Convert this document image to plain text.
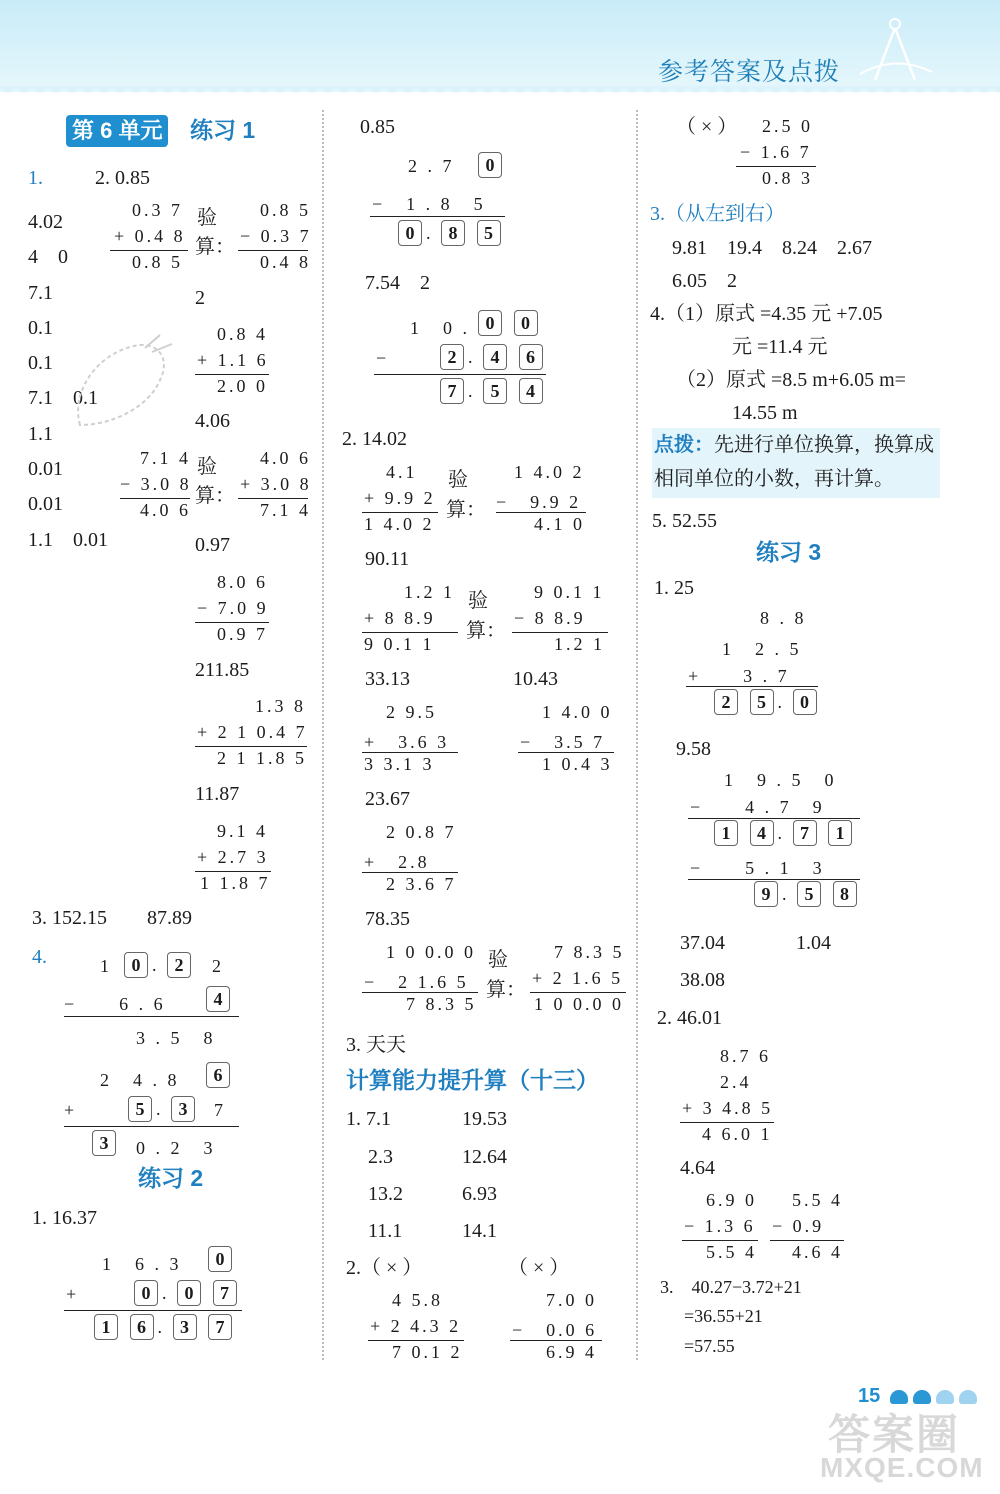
参考答案及点拨
第 6 单元 练习 1
1.	2. 0.85
4.02
4　0
7.1
0.1
0.1
7.1　0.1
1.1
0.01
0.01
1.1　0.01
0.3 7
+ 0.4 8
0.8 5
验
算：
0.8 5
− 0.3 7
0.4 8
2
0.8 4
+ 1.1 6
2.0 0
4.06
7.1 4
− 3.0 8
4.0 6
验
算：
4.0 6
+ 3.0 8
7.1 4
0.97
8.0 6
− 7.0 9
0.9 7
211.85
1.3 8
+ 2 1 0.4 7
2 1 1.8 5
11.87
9.1 4
+ 2.7 3
1 1.8 7
3. 152.15　　87.89
4.	1	0 . 2	2
−　　6 . 6	4
3 . 5　8
2　4 . 8	6
+	5 . 3	7
3	0 . 2　3
练习 2
1. 16.37
1　6 . 3	0
+	0 . 0 7
1 6 . 3 7
0.85
2 . 7	0
−　1 . 8　5
0 . 8 5
7.54　2
1　0 . 0 0
−	2 . 4 6
7 . 5 4
2. 14.02
4.1
+ 9.9 2
1 4.0 2
验
算：
1 4.0 2
−　9.9 2
4.1 0
90.11
1.2 1
+ 8 8.9
9 0.1 1
验
算：
9 0.1 1
− 8 8.9
1.2 1
33.13	10.43
2 9.5
+　3.6 3
3 3.1 3
1 4.0 0
−　3.5 7
1 0.4 3
23.67
2 0.8 7
+　2.8
2 3.6 7
78.35
1 0 0.0 0
−　2 1.6 5
7 8.3 5
验
算：
7 8.3 5
+ 2 1.6 5
1 0 0.0 0
3. 天天
计算能力提升算（十三）
1. 7.1	19.53
2.3	12.64
13.2	6.93
11.1	14.1
2.（ × ）	（ × ）
4 5.8
+ 2 4.3 2
7 0.1 2
7.0 0
−　0.0 6
6.9 4
（ × ） 2.5 0
− 1.6 7
0.8 3
3.（从左到右）
9.81　19.4　8.24　2.67
6.05　2
4.（1）原式 =4.35 元 +7.05
元 =11.4 元
（2）原式 =8.5 m+6.05 m=
14.55 m
点拨：先进行单位换算，换算成相同单位的小数，再计算。
5. 52.55
练习 3
1. 25
8 . 8
1　2 . 5
+　　3 . 7
2 5 . 0
9.58
1　9 . 5　0
−　　4 . 7　9
1 4 . 7 1
−　　5 . 1　3
9 . 5 8
37.04	1.04
38.08
2. 46.01
8.7 6
2.4
+ 3 4.8 5
4 6.0 1
4.64
6.9 0
− 1.3 6
5.5 4
5.5 4
− 0.9
4.6 4
3.　40.27−3.72+21
=36.55+21
=57.55
15
答案圈
MXQE.COM
